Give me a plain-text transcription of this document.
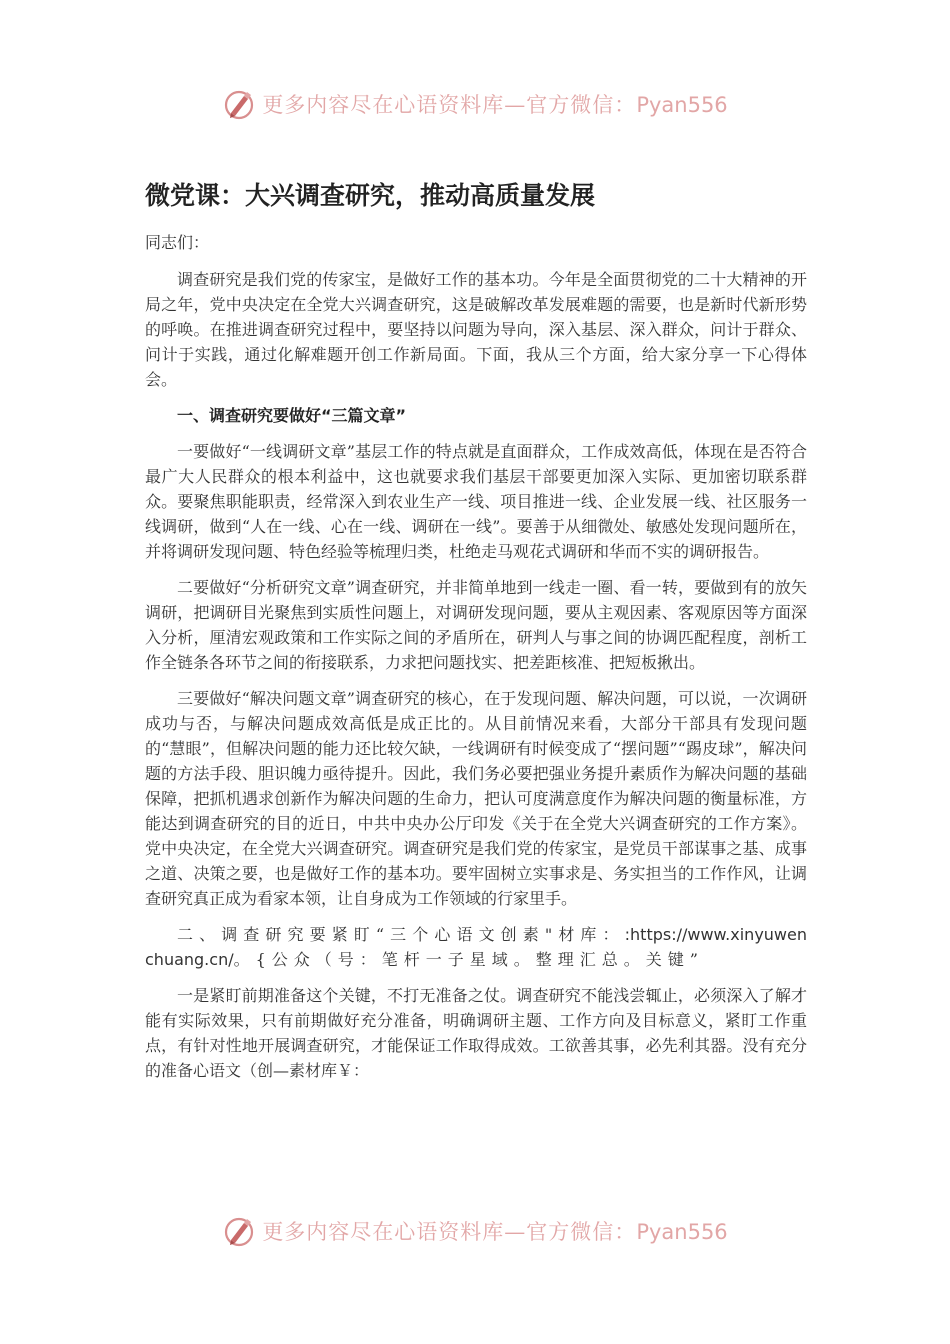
更多内容尽在心语资料库—官方微信：Pyan556
微党课：大兴调查研究，推动高质量发展

同志们：

调查研究是我们党的传家宝，是做好工作的基本功。今年是全面贯彻党的二十大精神的开局之年，党中央决定在全党大兴调查研究，这是破解改革发展难题的需要，也是新时代新形势的呼唤。在推进调查研究过程中，要坚持以问题为导向，深入基层、深入群众，问计于群众、问计于实践，通过化解难题开创工作新局面。下面，我从三个方面，给大家分享一下心得体会。

一、调查研究要做好“三篇文章”

一要做好“一线调研文章”基层工作的特点就是直面群众，工作成效高低，体现在是否符合最广大人民群众的根本利益中，这也就要求我们基层干部要更加深入实际、更加密切联系群众。要聚焦职能职责，经常深入到农业生产一线、项目推进一线、企业发展一线、社区服务一线调研，做到“人在一线、心在一线、调研在一线”。要善于从细微处、敏感处发现问题所在，并将调研发现问题、特色经验等梳理归类，杜绝走马观花式调研和华而不实的调研报告。

二要做好“分析研究文章”调查研究，并非简单地到一线走一圈、看一转，要做到有的放矢调研，把调研目光聚焦到实质性问题上，对调研发现问题，要从主观因素、客观原因等方面深入分析，厘清宏观政策和工作实际之间的矛盾所在，研判人与事之间的协调匹配程度，剖析工作全链条各环节之间的衔接联系，力求把问题找实、把差距核准、把短板揪出。

三要做好“解决问题文章”调查研究的核心，在于发现问题、解决问题，可以说，一次调研成功与否，与解决问题成效高低是成正比的。从目前情况来看，大部分干部具有发现问题的“慧眼”，但解决问题的能力还比较欠缺，一线调研有时候变成了“摆问题”“踢皮球”，解决问题的方法手段、胆识魄力亟待提升。因此，我们务必要把强业务提升素质作为解决问题的基础保障，把抓机遇求创新作为解决问题的生命力，把认可度满意度作为解决问题的衡量标准，方能达到调查研究的目的近日，中共中央办公厅印发《关于在全党大兴调查研究的工作方案》。党中央决定，在全党大兴调查研究。调查研究是我们党的传家宝，是党员干部谋事之基、成事之道、决策之要，也是做好工作的基本功。要牢固树立实事求是、务实担当的工作作风，让调查研究真正成为看家本领，让自身成为工作领域的行家里手。

二、调查研究要紧盯“三个心语文创素"材库：:https://www.xinyuwenchuang.cn/。{公众（号：笔杆一子星域。整理汇总。关键”

一是紧盯前期准备这个关键，不打无准备之仗。调查研究不能浅尝辄止，必须深入了解才能有实际效果，只有前期做好充分准备，明确调研主题、工作方向及目标意义，紧盯工作重点，有针对性地开展调查研究，才能保证工作取得成效。工欲善其事，必先利其器。没有充分的准备心语文（创—素材库￥：

更多内容尽在心语资料库—官方微信：Pyan556
